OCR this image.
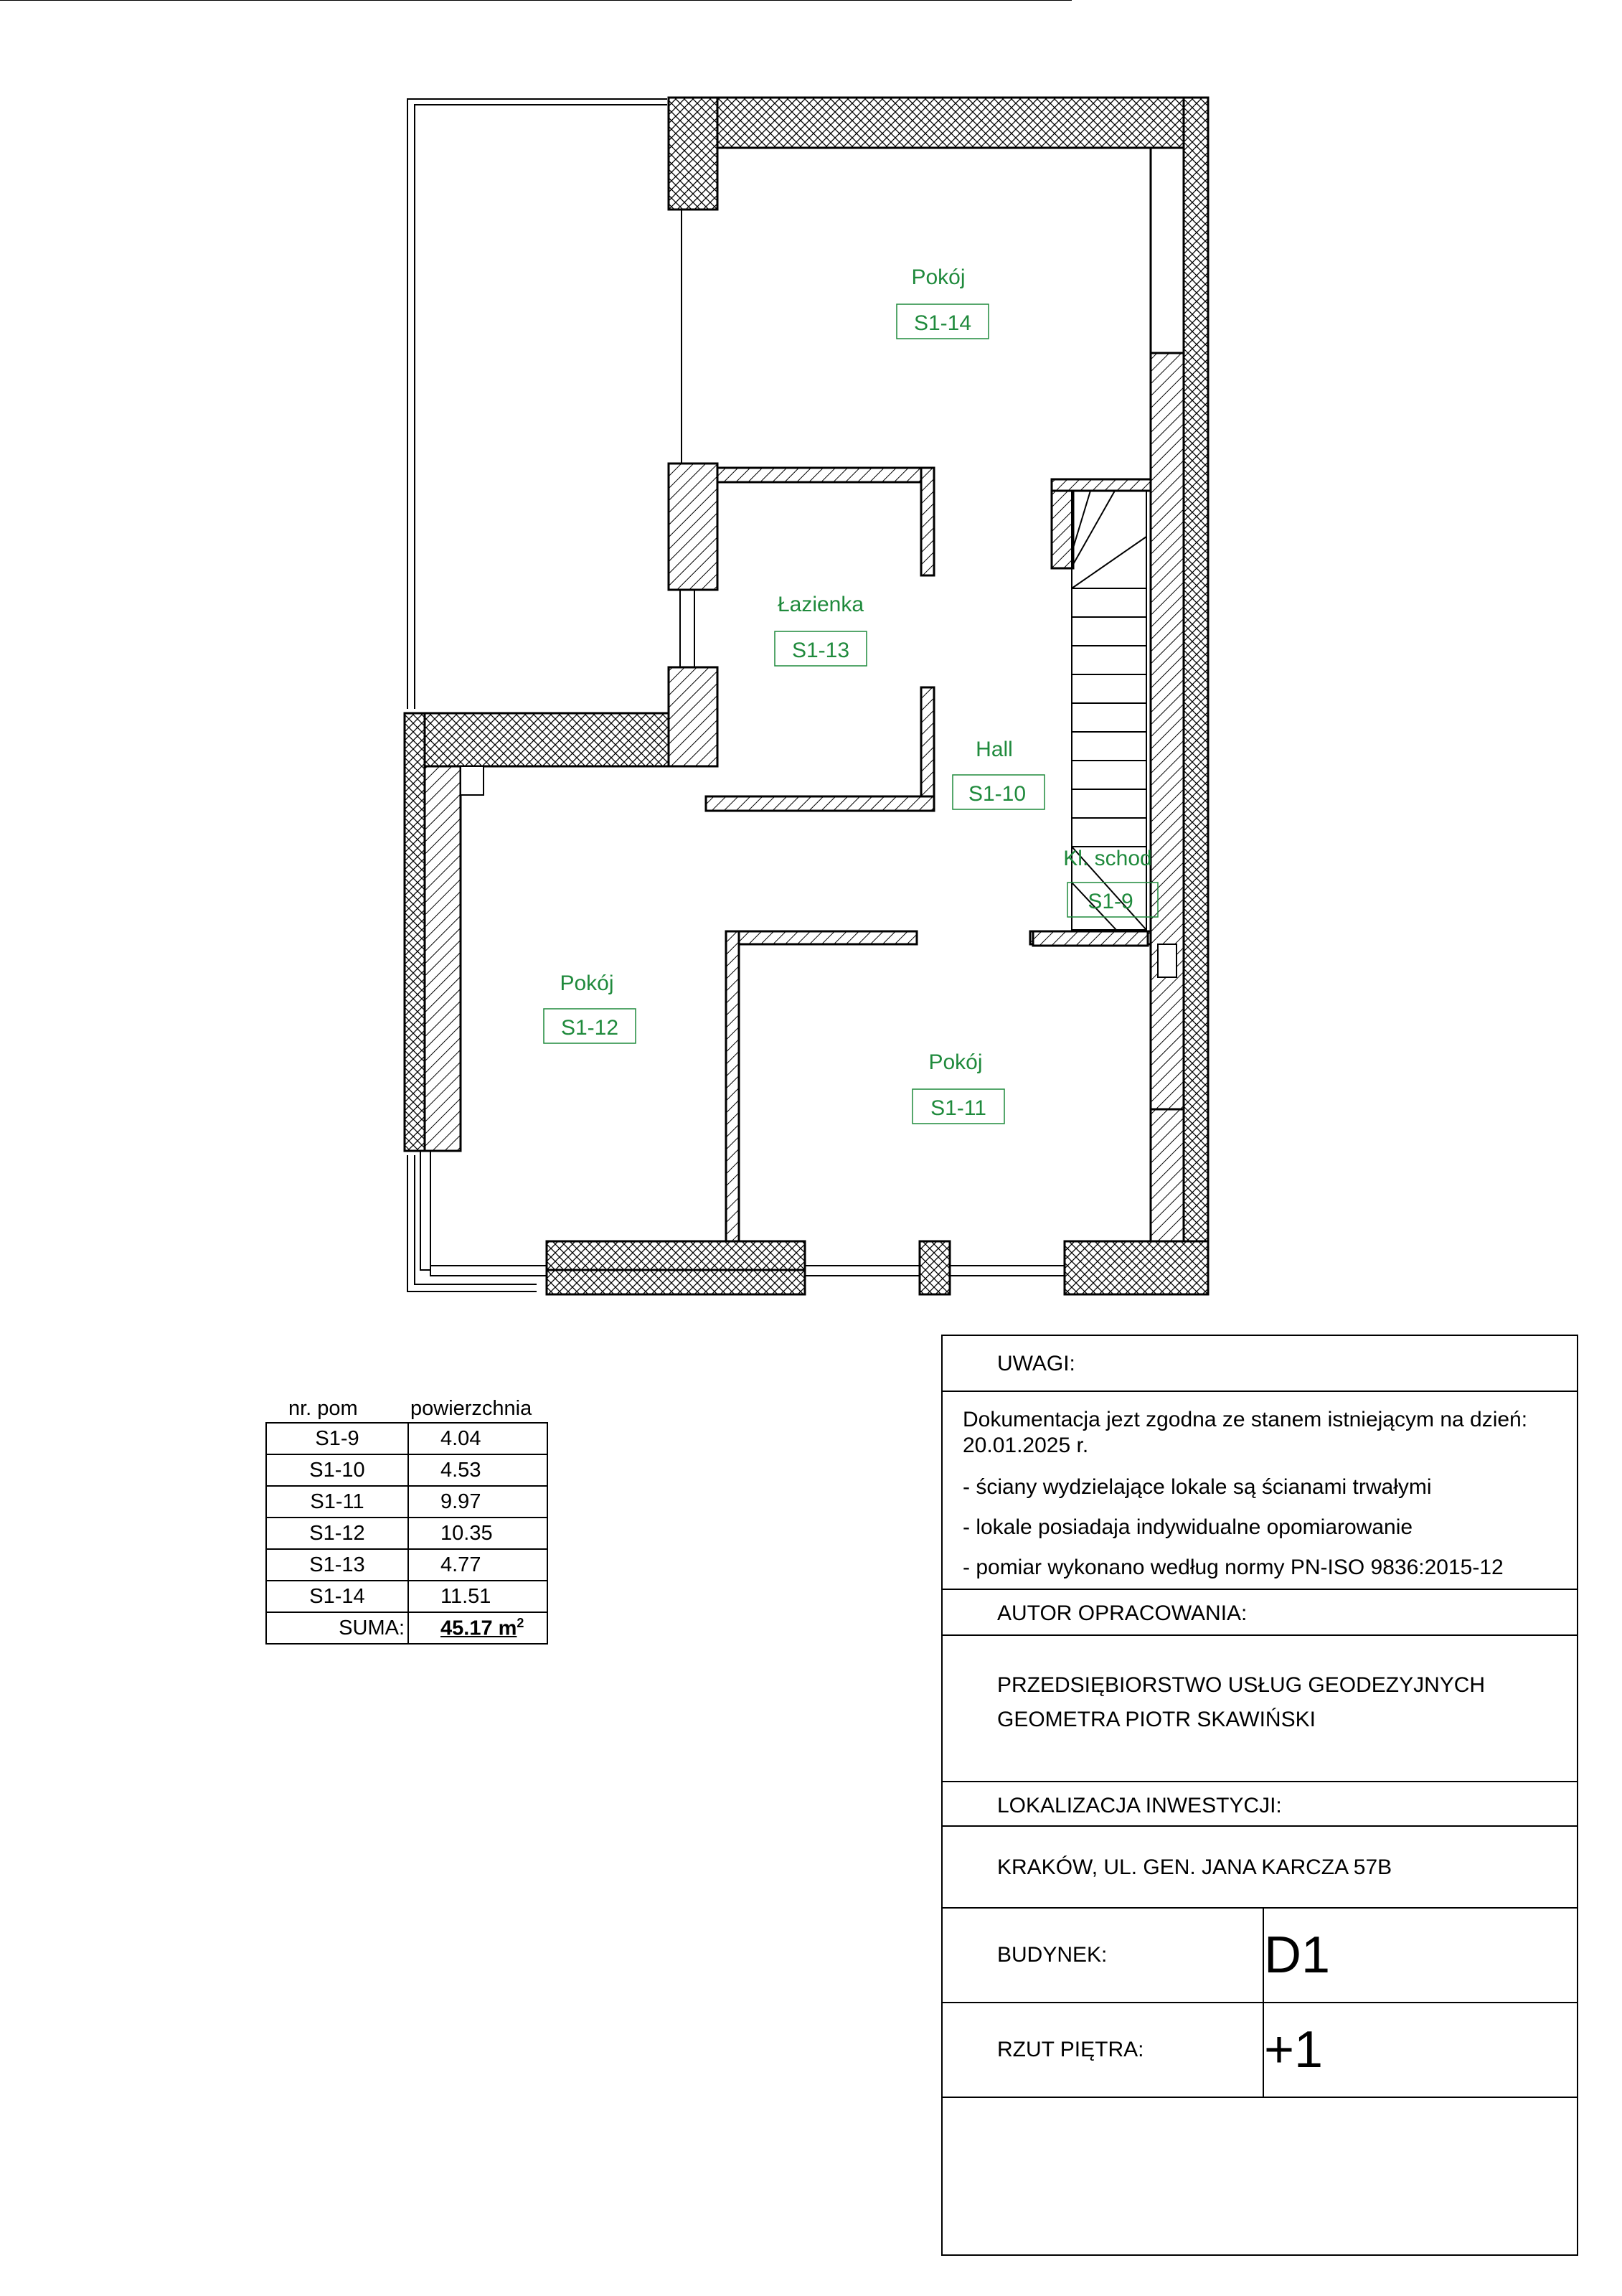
Pokój
S1-14
Łazienka
S1-13
Hall
S1-10
Kl. schod
S1-9
Pokój
S1-12
Pokój
S1-11
nr. pom	powierzchnia
S1-9	4.04
S1-10	4.53
S1-11	9.97
S1-12	10.35
S1-13	4.77
S1-14	11.51
SUMA:	45.17 $m^2$
UWAGI:
Dokumentacja jezt zgodna ze stanem istniejącym na dzień:
20.01.2025 r.
- ściany wydzielające lokale są ścianami trwałymi
- lokale posiadaja indywidualne opomiarowanie
- pomiar wykonano według normy PN-ISO 9836:2015-12
AUTOR OPRACOWANIA:
PRZEDSIĘBIORSTWO USŁUG GEODEZYJNYCH
GEOMETRA PIOTR SKAWIŃSKI
LOKALIZACJA INWESTYCJI:
KRAKÓW, UL. GEN. JANA KARCZA 57B
BUDYNEK:	D1
RZUT PIĘTRA: +1
